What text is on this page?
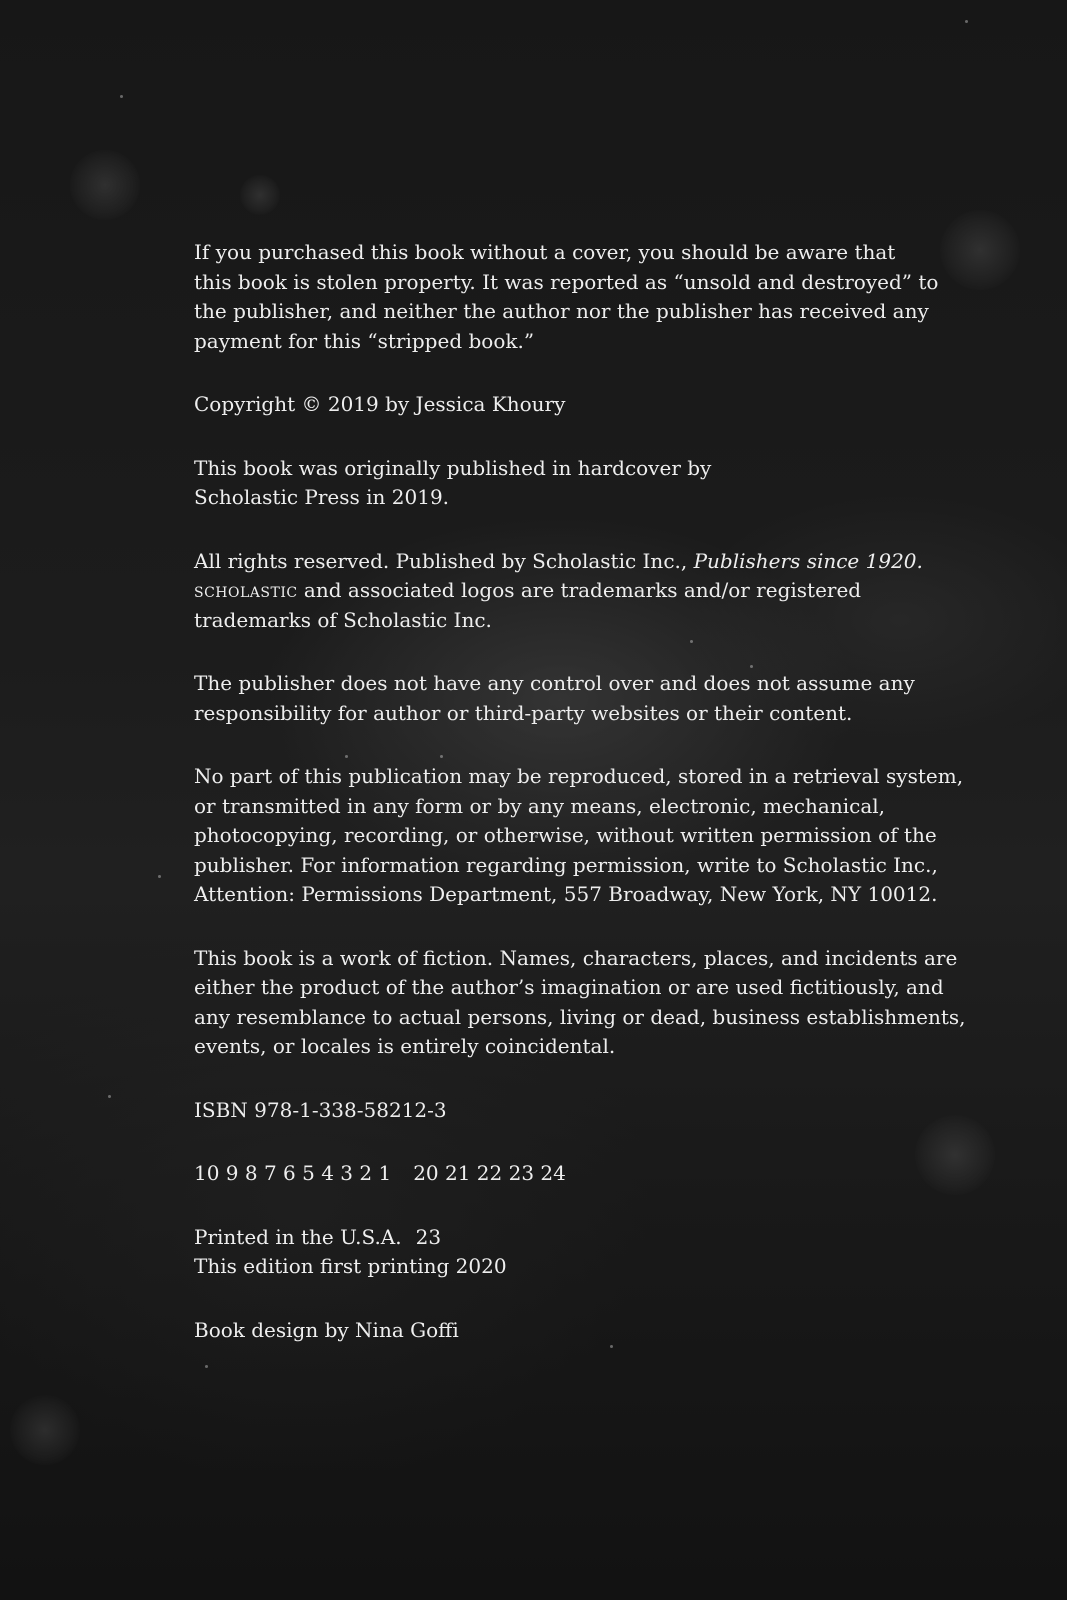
If you purchased this book without a cover, you should be aware that
this book is stolen property. It was reported as “unsold and destroyed” to
the publisher, and neither the author nor the publisher has received any
payment for this “stripped book.”

Copyright © 2019 by Jessica Khoury

This book was originally published in hardcover by
Scholastic Press in 2019.

All rights reserved. Published by Scholastic Inc., Publishers since 1920.
scholastic and associated logos are trademarks and/or registered
trademarks of Scholastic Inc.

The publisher does not have any control over and does not assume any
responsibility for author or third-party websites or their content.

No part of this publication may be reproduced, stored in a retrieval system,
or transmitted in any form or by any means, electronic, mechanical,
photocopying, recording, or otherwise, without written permission of the
publisher. For information regarding permission, write to Scholastic Inc.,
Attention: Permissions Department, 557 Broadway, New York, NY 10012.

This book is a work of fiction. Names, characters, places, and incidents are
either the product of the author’s imagination or are used fictitiously, and
any resemblance to actual persons, living or dead, business establishments,
events, or locales is entirely coincidental.

ISBN 978-1-338-58212-3

10 9 8 7 6 5 4 3 2 1 20 21 22 23 24

Printed in the U.S.A. 23
This edition first printing 2020

Book design by Nina Goffi
